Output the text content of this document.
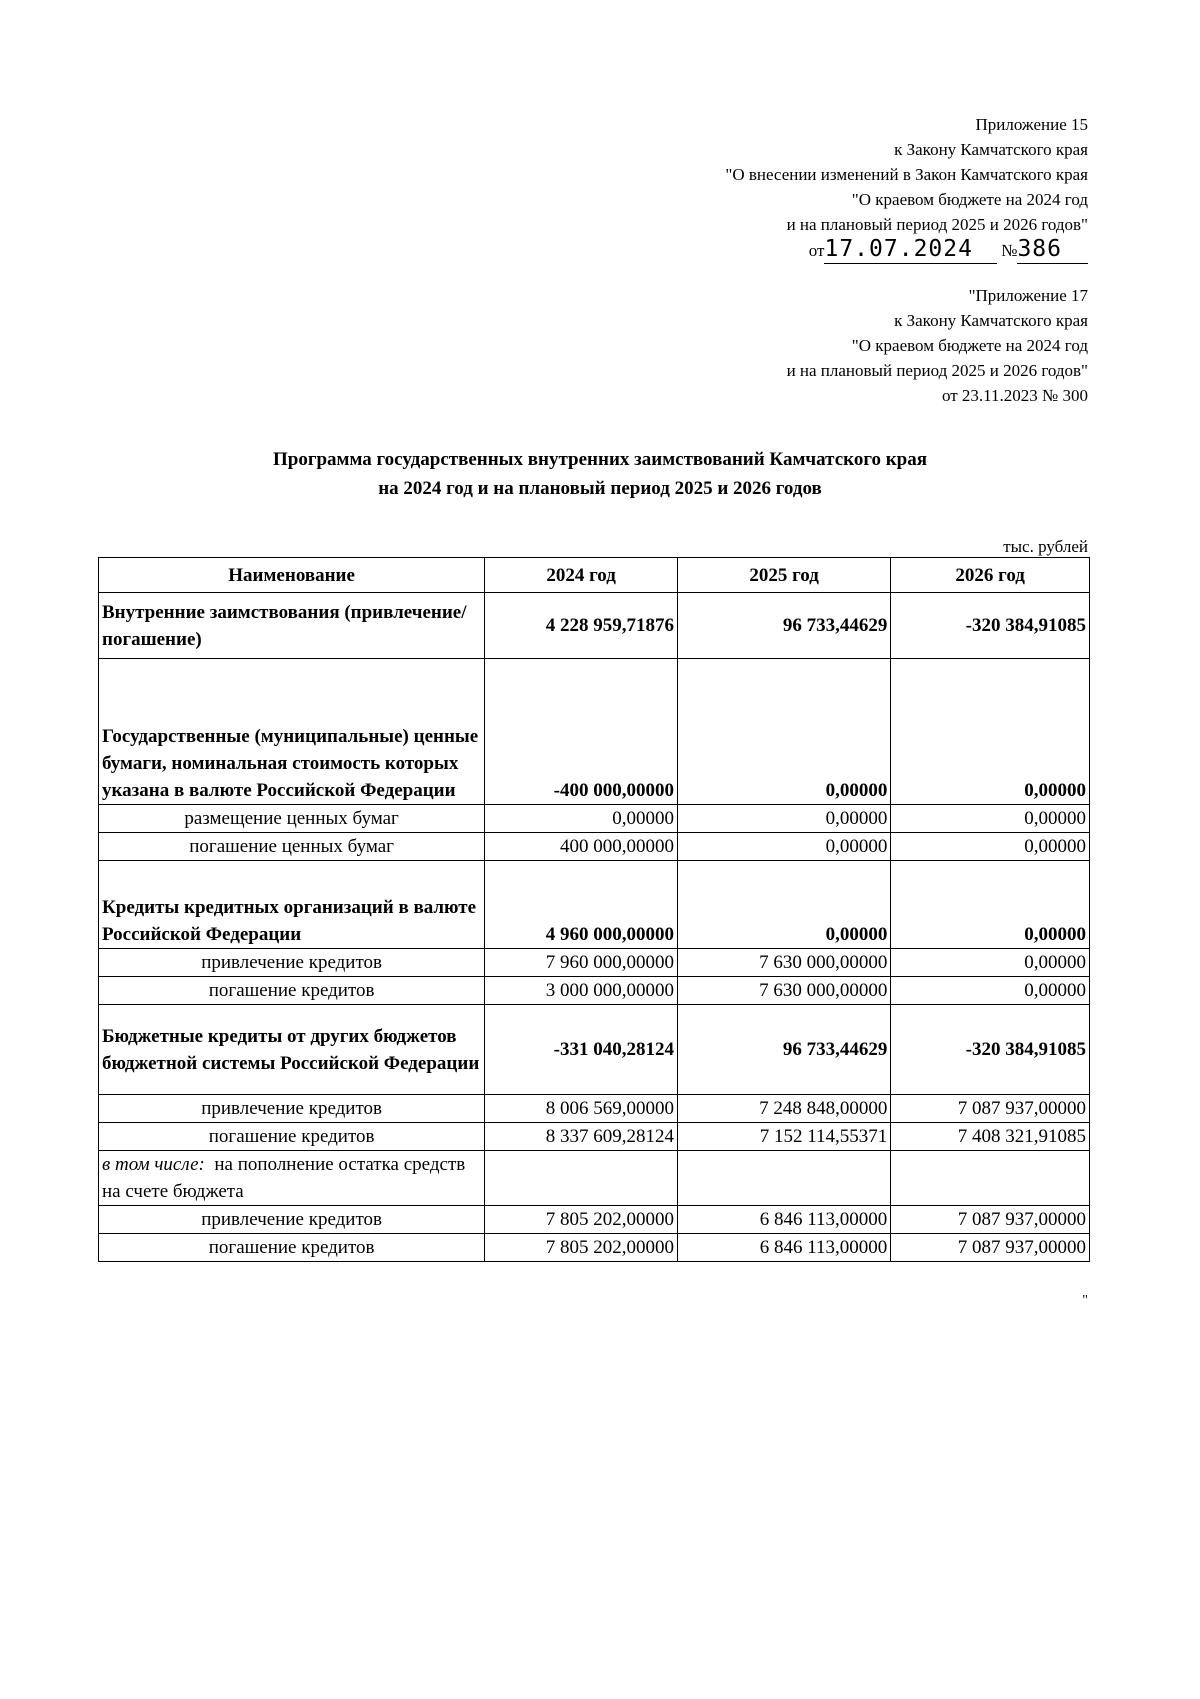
Приложение 15
к Закону Камчатского края
"О внесении изменений в Закон Камчатского края
"О краевом бюджете на 2024 год
и на плановый период 2025 и 2026 годов"
от17.07.2024 №386
"Приложение 17
к Закону Камчатского края
"О краевом бюджете на 2024 год
и на плановый период 2025 и 2026 годов"
от 23.11.2023 № 300
Программа государственных внутренних заимствований Камчатского края
на 2024 год и на плановый период 2025 и 2026 годов
тыс. рублей
Наименование	2024 год	2025 год	2026 год
Внутренние заимствования (привлечение/погашение)	4 228 959,71876	96 733,44629	-320 384,91085
Государственные (муниципальные) ценные бумаги, номинальная стоимость которых указана в валюте Российской Федерации	-400 000,00000	0,00000	0,00000
размещение ценных бумаг	0,00000	0,00000	0,00000
погашение ценных бумаг	400 000,00000	0,00000	0,00000
Кредиты кредитных организаций в валюте Российской Федерации	4 960 000,00000	0,00000	0,00000
привлечение кредитов	7 960 000,00000	7 630 000,00000	0,00000
погашение кредитов	3 000 000,00000	7 630 000,00000	0,00000
Бюджетные кредиты от других бюджетов бюджетной системы Российской Федерации	-331 040,28124	96 733,44629	-320 384,91085
привлечение кредитов	8 006 569,00000	7 248 848,00000	7 087 937,00000
погашение кредитов	8 337 609,28124	7 152 114,55371	7 408 321,91085
в том числе: на пополнение остатка средств на счете бюджета			
привлечение кредитов	7 805 202,00000	6 846 113,00000	7 087 937,00000
погашение кредитов	7 805 202,00000	6 846 113,00000	7 087 937,00000
"
